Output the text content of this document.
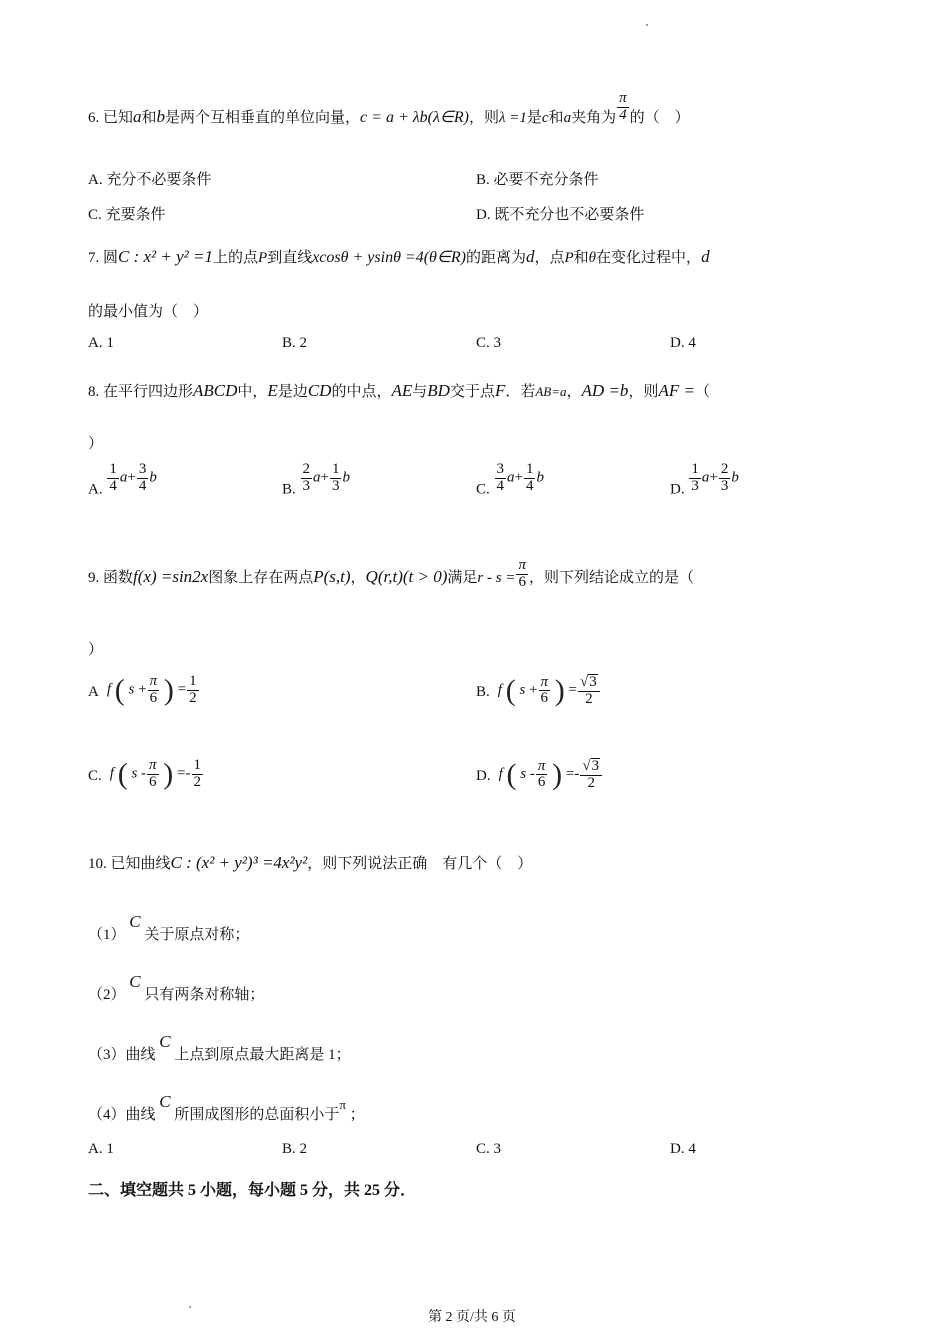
6. 已知a和b是两个互相垂直的单位向量，c = a + λb(λ∈R)，则λ =1是c和a夹角为 $\frac{\pi}{4}$ 的（　）
A. 充分不必要条件	B. 必要不充分条件
C. 充要条件	D. 既不充分也不必要条件
7. 圆C : x² + y² =1上的点P到直线xcosθ + ysinθ =4(θ∈R)的距离为d，点P和θ在变化过程中，d
的最小值为（　）
A. 1	B. 2	C. 3	D. 4
8. 在平行四边形ABCD中，E是边CD的中点，AE与BD交于点F．若AB=a，AD =b，则AF =（
）
A. $\frac{1}{4} a+ \frac{3}{4}$ b
B. $\frac{2}{3} a+ \frac{1}{3}$ b
C. $\frac{3}{4} a+ \frac{1}{4}$ b
D. $\frac{1}{3} a+ \frac{2}{3}$ b
9. 函数f(x) =sin2x图象上存在两点P(s,t)，Q(r,t)(t > 0)满足$r - s = \frac{\pi}{6}$ ，则下列结论成立的是（
）
A f ( $s + \frac{\pi}{6}$ ) = $\frac{1}{2}$	B. f ( $s + \frac{\pi}{6}$ ) = $\frac{√3}{2}$
C. f ( s - $\frac{\pi}{6}$ ) =- $\frac{1}{2}$	D. f ( s - $\frac{\pi}{6}$ ) =- $\frac{√3}{2}$
10. 已知曲线C : (x² + y²)³ =4x²y²，则下列说法正确　有几个（　）
（1） C 关于原点对称；
（2） C 只有两条对称轴；
（3）曲线 C 上点到原点最大距离是 1；
（4）曲线 C 所围成图形的总面积小于π ；
A. 1	B. 2	C. 3	D. 4
二、填空题共 5 小题，每小题 5 分，共 25 分．
第 2 页/共 6 页
